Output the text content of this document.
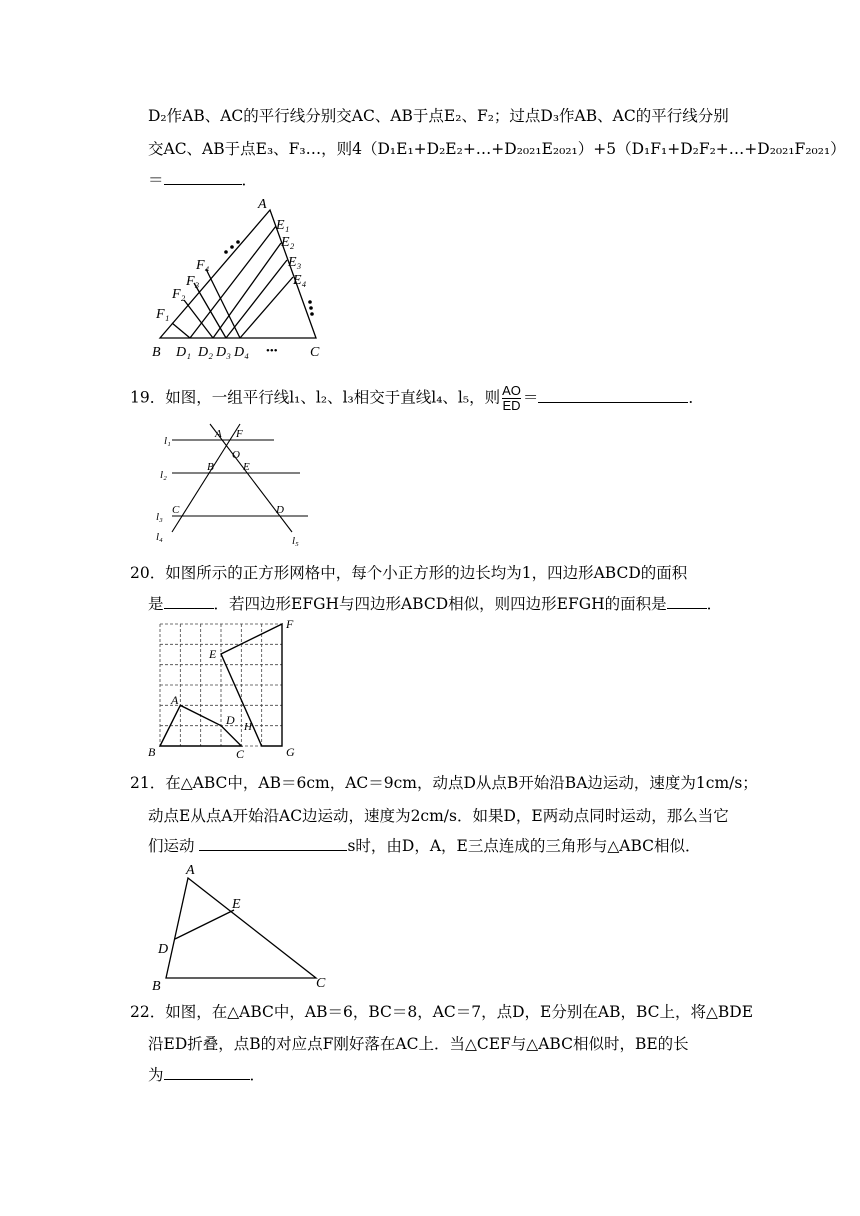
D₂作AB、AC的平行线分别交AC、AB于点E₂、F₂；过点D₃作AB、AC的平行线分别
交AC、AB于点E₃、F₃…，则4（D₁E₁+D₂E₂+…+D₂₀₂₁E₂₀₂₁）+5（D₁F₁+D₂F₂+…+D₂₀₂₁F₂₀₂₁）
＝	．
A
E₁
E₂
E₃
E₄
F₄
F₃
F₂
F₁
B D₁ D₂ D₃ D₄ ••• C
19．如图，一组平行线l₁、l₂、l₃相交于直线l₄、l₅，则 $\frac{AO}{ED}$ ＝	．
l₁
l₂
l₃
l₄	l₅
A F
O
B	E
C	D
20．如图所示的正方形网格中，每个小正方形的边长均为1，四边形ABCD的面积
是	．若四边形EFGH与四边形ABCD相似，则四边形EFGH的面积是	．
F
E
A
D H
B	C	G
21．在△ABC中，AB＝6cm，AC＝9cm，动点D从点B开始沿BA边运动，速度为1cm/s；
动点E从点A开始沿AC边运动，速度为2cm/s．如果D，E两动点同时运动，那么当它
们运动	s时，由D，A，E三点连成的三角形与△ABC相似．
A
E
D
B	C
22．如图，在△ABC中，AB＝6，BC＝8，AC＝7，点D，E分别在AB，BC上，将△BDE
沿ED折叠，点B的对应点F刚好落在AC上．当△CEF与△ABC相似时，BE的长
为	．
